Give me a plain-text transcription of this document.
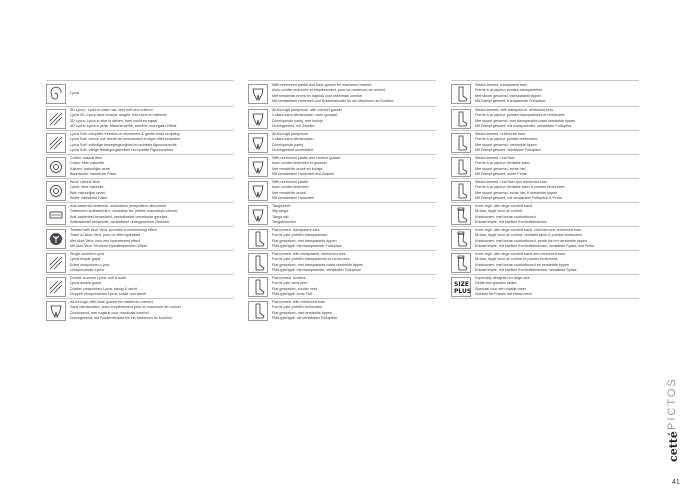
Lycra
3D Lycra : Lycra in each row, very soft and uniform
Lycra 3D: Lycra dans chaque rangée, très doux et uniforme
3D Lycra: Lycra in elke rij steken, heel zacht en egaal
3D Lycra: Lycra in jeder Maschenreihe, weicher und egaler Effekt
Lycra Soft: complete freedom of movement & gentle body sculpting
Lycra Soft: donne une liberté de mouvement et léger effet sculptant
Lycra Soft: volledige bewegingsvrijheid en subtiele figuurcorrectie
Lycra Soft: völlige Bewegungsfreiheit und subtile Figurkorrektur
Cotton: natural fibre
Coton: fibre naturelle
Katoen: natuurlijke vezel
Baumwolle: natürliche Faser
Wool: natural fibre
Laine: fibre naturelle
Wol: natuurlijke vezel
Wolle: natürliche Faser
Anti-bacterial treatment, neutralises perspiration discomfort
Traitement antibactérien, neutralise les 'petites mauvaises odeurs'
Anti-bacterieel behandeld, neutraliseert vervelende geurtjes
Antibakteriell behandelt, neutralisiert unangenehme Gerüche
Treated with Aloe Vera, provides a moisturizing effect
Traité à l'Aloe Vera, pour un effet hydratant
Met Aloe Vera, voor een hydraterend effect
Mit Aloe Vera, für einen hydratisierenden Effekt
Single covered Lycra
Lycra simple guipé
Enkel omsponnen Lycra
Umsponnenes Lycra
Double covered Lycra: soft & solid
Lycra double-guipé
Dubbel omsponnen Lycra: stevig & zacht
Doppelt umsponnenes Lycra: solide und weich
All-through, with back gusset for maximum comfort
Sans démarcation, avec empiècement pour un maximum de confort
Doorlopend, met rugstuk voor maximaal comfort
Durchgehend, mit Rückeneinsatz für ein Maximum an Komfort
With reinforced pantie and back gusset for maximum comfort
Avec culotte renforcée et empiècement, pour un maximum de confort
Met versterkte broek en rugstuk voor maximaal comfort
Mit verstärktem Hosenteil und Rückeneinsatz für ein Maximum an Komfort
All-through pantyhose, with comfort gusset
Collant sans démarcation, avec gousset
Doorlopende panty, met kruisje
Durchgehend, mit Zwickel
All-through pantyhose
Collant sans démarcation
Doorlopende panty
Durchgehend unverstärkt
With reinforced pantie and comfort gusset
Avec culotte renforcée et gousset
Met versterkte broek en kruisje
Mit verstärktem Hosenteil und Zwickel
With reinforced pantie
Avec culotte renforcée
Met versterkte broek
Mit verstärktem Hosenteil
Tanga brief
Slip tanga
Tanga slip
Tangahöschen
Flat-formed, transparent toes
Formé plat, pointes transparentes
Plat gestreken, met transparante tippen
Platt gebügelt, mit transparenter Fußspitze
Flat-formed, with transparent, reinforced toes
Formé plat, pointes transparentes et renforcées
Plat gestreken, met transparante maar versterkte tippen
Platt gebügelt, mit transparenter, verstärkter Fußspitze
Flat-formed, footless
Formé plat, sans pied
Plat gestreken, zonder voet
Platt gebügelt, ohne Fuß
Flat-formed, with reinforced toes
Formé plat, pointes renforcées
Plat gestreken, met versterkte tippen
Platt gebügelt, mit verstärkter Fußspitze
Steam-formed, transparent toes
Formé à la vapeur, pointes transparentes
Met stoom gevormd, transparante tippen
Mit Dampf geformt, transparente Fußspitze
Steam-formed, with transparent, reinforced toes
Formé à la vapeur, pointes transparentes et renforcées
Met stoom gevormd, met transparante maar versterkte tippen
Mit Dampf geformt, mit transparenter, verstärkter Fußspitze
Steam-formed, reinforced toes
Formé à la vapeur, pointes renforcées
Met stoom gevormd, versterkte tippen
Mit Dampf geformt, verstärkte Fußspitze
Steam-formed, real heel
Formé à la vapeur, véritable talon
Met stoom gevormd, echte hiel
Mit Dampf geformt, echte Ferse
Steam-formed, real heel and reinforced toes
Formé à la vapeur, véritable talon & pointes renforcées
Met stoom gevormd, echte hiel & versterkte tippen
Mit Dampf geformt, mit verstärkter Fußspitze & Ferse
Knee-high, with large comfort band
Mi-bas, large bord de confort
Kniekousen, met brede comfortboord
Kniestrümpfe, mit breitem Komfortbündchen
Knee-high, with large comfort band, real heel and reinforced toes
Mi-bas, large bord de confort, véritable talon & pointes renforcées
Kniekousen, met brede comfortboord, echte hiel en versterkte tippen
Kniestrümpfe, mit breitem Komfortbündchen, verstärkte Spitze und Ferse
Knee-high, with large comfort band and reinforced toes
Mi-bas, large bord de confort et pointes renforcées
Kniekousen, met brede comfortboord en versterkte tippen
Kniestrümpfe, mit breitem Komfortbündchen, verstärkte Spitze
SIZE
PLUS
Especially designed for large size
Dédié aux grandes tailles
Speciaal voor een maatje meer
Speziell für Frauen mit etwas mehr
PICTOS
cetté
41
